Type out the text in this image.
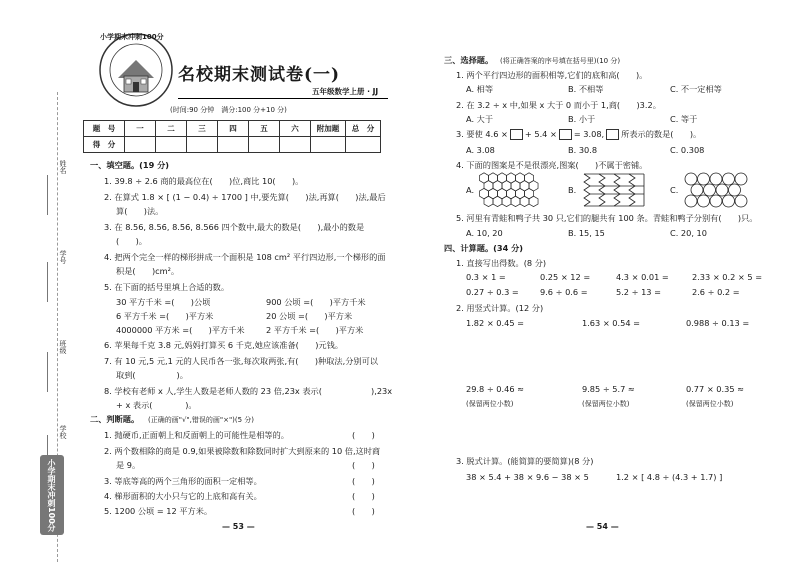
小学期末冲刺100分
名校期末测试卷(一)
五年级数学上册 · JJ
(时间:90 分钟　满分:100 分+10 分)
姓名
学号
班级
学校
小学期末冲刺100分
题　号	一	二	三	四	五	六	附加题	总　分
得　分								
一、填空题。(19 分)
1. 39.8 ÷ 2.6 商的最高位在(　　)位,商比 10(　　)。
2. 在算式 1.8 × [ (1 − 0.4) ÷ 1700 ] 中,要先算(　　)法,再算(　　)法,最后
算(　　)法。
3. 在 8.56, 8.56̇, 8.5̇6̇, 8.566 四个数中,最大的数是(　　),最小的数是
(　　)。
4. 把两个完全一样的梯形拼成一个面积是 108 cm² 平行四边形,一个梯形的面
积是(　　)cm²。
5. 在下面的括号里填上合适的数。
30 平方千米 =(　　)公顷	900 公顷 =(　　)平方千米
6 平方千米 =(　　)平方米	20 公顷 =(　　)平方米
4000000 平方米 =(　　)平方千米	2 平方千米 =(　　)平方米
6. 苹果每千克 3.8 元,妈妈打算买 6 千克,她应该准备(　　)元钱。
7. 有 10 元,5 元,1 元的人民币各一张,每次取两张,有(　　)种取法,分别可以
取到(　　　　　)。
8. 学校有老师 x 人,学生人数是老师人数的 23 倍,23x 表示(　　　　　　),23x
+ x 表示(　　　　)。
二、判断题。 (正确的画"√",错误的画"×")(5 分)
1. 抛硬币,正面朝上和反面朝上的可能性是相等的。	(　　)
2. 两个数相除的商是 0.9,如果被除数和除数同时扩大到原来的 10 倍,这时商
是 9。	(　　)
3. 等底等高的两个三角形的面积一定相等。	(　　)
4. 梯形面积的大小只与它的上底和高有关。	(　　)
5. 1200 公顷 = 12 平方米。	(　　)
— 53 —
三、选择题。 (将正确答案的序号填在括号里)(10 分)
1. 两个平行四边形的面积相等,它们的底和高(　　)。
A. 相等	B. 不相等	C. 不一定相等
2. 在 3.2 ÷ x 中,如果 x 大于 0 而小于 1,商(　　)3.2。
A. 大于	B. 小于	C. 等于
3. 要使 4.6 × + 5.4 × = 3.08, 所表示的数是(　　)。
A. 3.08	B. 30.8	C. 0.308
4. 下面的图案是不是很漂亮,图案(　　)不属于密铺。
A.	B.	C.
5. 河里有青蛙和鸭子共 30 只,它们的腿共有 100 条。青蛙和鸭子分别有(　　)只。
A. 10, 20	B. 15, 15	C. 20, 10
四、计算题。(34 分)
1. 直接写出得数。(8 分)
0.3 × 1 =	0.25 × 12 =	4.3 × 0.01 =	2.33 × 0.2 × 5 =
0.27 ÷ 0.3 =	9.6 ÷ 0.6 =	5.2 ÷ 13 =	2.6 ÷ 0.2 =
2. 用竖式计算。(12 分)
1.82 × 0.45 =	1.63 × 0.54 =	0.988 ÷ 0.13 =
29.8 ÷ 0.46 ≈	9.85 ÷ 5.7 ≈	0.77 × 0.35 ≈
(保留两位小数)	(保留两位小数)	(保留两位小数)
3. 脱式计算。(能简算的要简算)(8 分)
38 × 5.4 + 38 × 9.6 − 38 × 5	1.2 × [ 4.8 ÷ (4.3 + 1.7) ]
— 54 —
